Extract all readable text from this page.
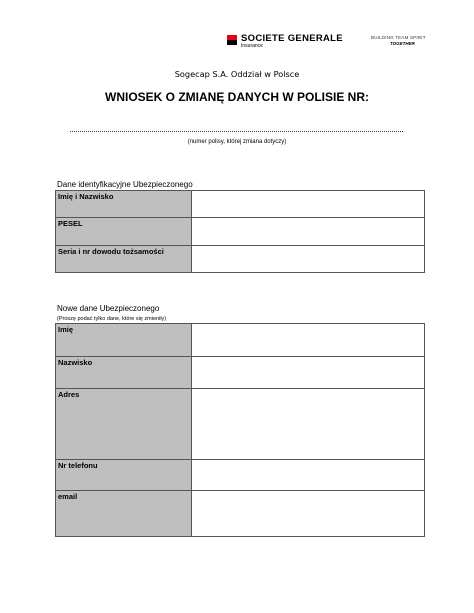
SOCIETE GENERALE
Insurance
BUILDING TEAM SPIRIT
TOGETHER
Sogecap S.A. Oddział w Polsce
WNIOSEK O ZMIANĘ DANYCH W POLISIE NR:
(numer polisy, której zmiana dotyczy)
Dane identyfikacyjne Ubezpieczonego
Imię i Nazwisko	
PESEL	
Seria i nr dowodu tożsamości	
Nowe dane Ubezpieczonego
(Proszę podać tylko dane, które się zmieniły)
Imię	
Nazwisko	
Adres	
Nr telefonu	
email	
